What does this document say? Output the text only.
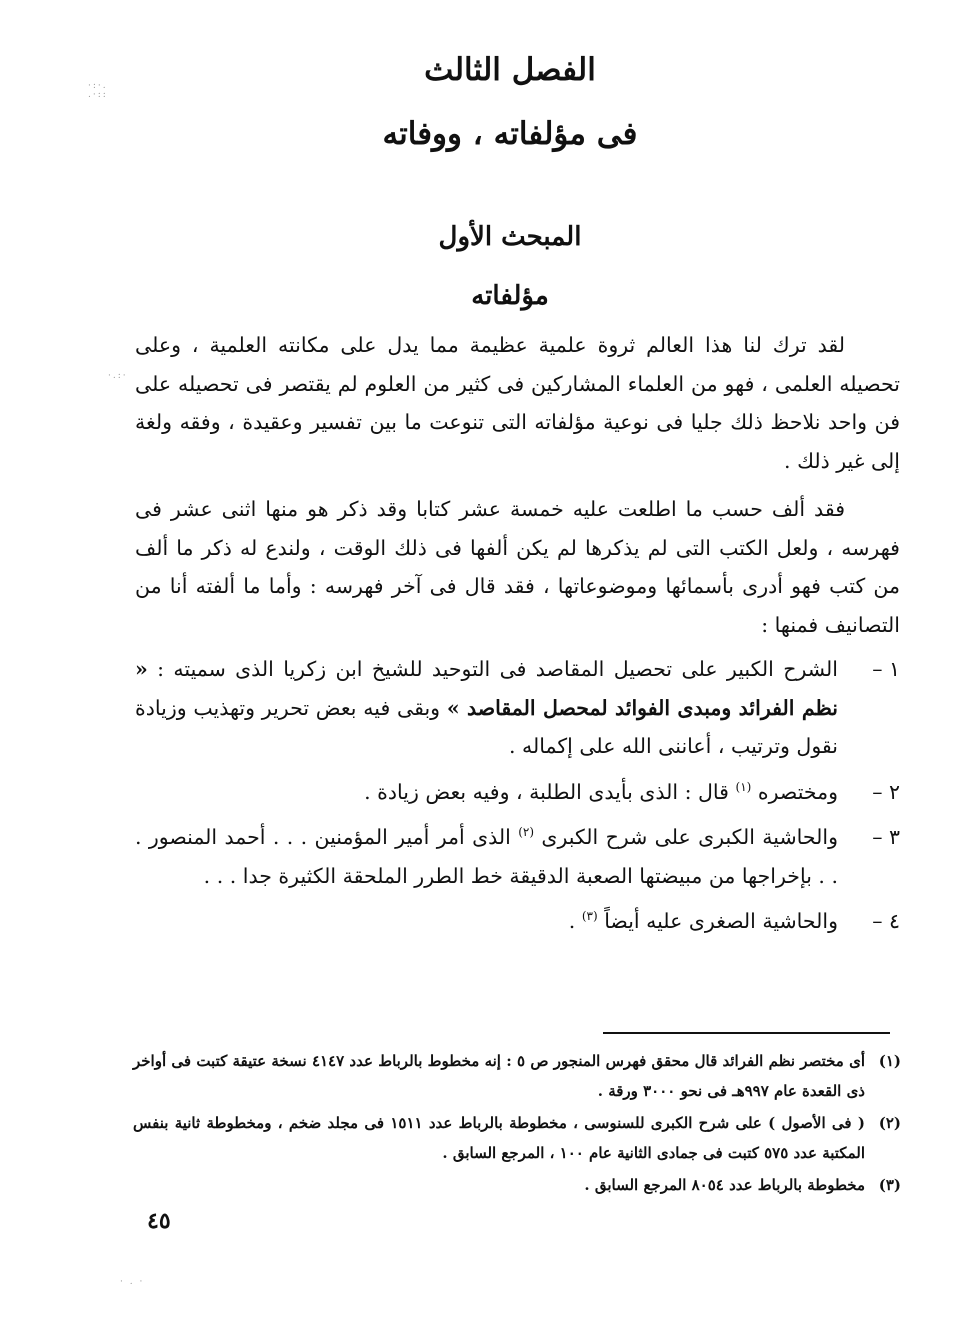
الفصل الثالث
فى مؤلفاته ، ووفاته
المبحث الأول
مؤلفاته
لقد ترك لنا هذا العالم ثروة علمية عظيمة مما يدل على مكانته العلمية ، وعلى تحصيله العلمى ، فهو من العلماء المشاركين فى كثير من العلوم لم يقتصر فى تحصيله على فن واحد نلاحظ ذلك جليا فى نوعية مؤلفاته التى تنوعت ما بين تفسير وعقيدة ، وفقه ولغة إلى غير ذلك .
فقد ألف حسب ما اطلعت عليه خمسة عشر كتابا وقد ذكر هو منها اثنى عشر فى فهرسه ، ولعل الكتب التى لم يذكرها لم يكن ألفها فى ذلك الوقت ، ولندع له ذكر ما ألف من كتب فهو أدرى بأسمائها وموضوعاتها ، فقد قال فى آخر فهرسه : وأما ما ألفته أنا من التصانيف فمنها :
١ –
الشرح الكبير على تحصيل المقاصد فى التوحيد للشيخ ابن زكريا الذى سميته : « نظم الفرائد ومبدى الفوائد لمحصل المقاصد » وبقى فيه بعض تحرير وتهذيب وزيادة نقول وترتيب ، أعاننى الله على إكماله .
٢ –
ومختصره $^{(١)}$ قال : الذى بأيدى الطلبة ، وفيه بعض زيادة .
٣ –
والحاشية الكبرى على شرح الكبرى $^{(٢)}$ الذى أمر أمير المؤمنين . . . أحمد المنصور . . . بإخراجها من مبيضتها الصعبة الدقيقة خط الطرر الملحقة الكثيرة جدا . . .
٤ –
والحاشية الصغرى عليه أيضاً $^{(٣)}$ .
(١)
أى مختصر نظم الفرائد قال محقق فهرس المنجور ص ٥ : إنه مخطوط بالرباط عدد ٤١٤٧ نسخة عتيقة كتبت فى أواخر ذى القعدة عام ٩٩٧هـ فى نحو ٣٠٠٠ ورقة .
(٢)
( فى الأصول ) على شرح الكبرى للسنوسى ، مخطوطة بالرباط عدد ١٥١١ فى مجلد ضخم ، ومخطوطة ثانية بنفس المكتبة عدد ٥٧٥ كتبت فى جمادى الثانية عام ١٠٠ ، المرجع السابق .
(٣)
مخطوطة بالرباط عدد ٨٠٥٤ المرجع السابق .
٤٥
·:·.
.·::
·.:·
· . ·
